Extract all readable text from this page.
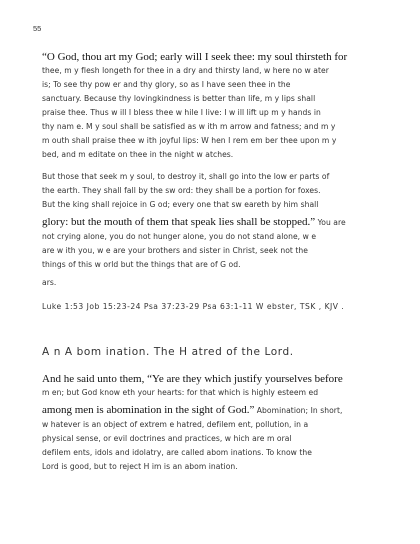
55
“O God, thou art my God; early will I seek thee: my soul thirsteth for
thee, m y flesh longeth for thee in a dry and thirsty land, w here no w ater
is; To see thy pow er and thy glory, so as I have seen thee in the
sanctuary. Because thy lovingkindness is better than life, m y lips shall
praise thee. Thus w ill I bless thee w hile I live: I w ill lift up m y hands in
thy nam e. M y soul shall be satisfied as w ith m arrow and fatness; and m y
m outh shall praise thee w ith joyful lips: W hen I rem em ber thee upon m y
bed, and m editate on thee in the night w atches.
But those that seek m y soul, to destroy it, shall go into the low er parts of
the earth. They shall fall by the sw ord: they shall be a portion for foxes.
But the king shall rejoice in G od; every one that sw eareth by him shall
glory: but the mouth of them that speak lies shall be stopped.” You are
not crying alone, you do not hunger alone, you do not stand alone, w e
are w ith you, w e are your brothers and sister in Christ, seek not the
things of this w orld but the things that are of G od.
ars.
Luke 1:53 Job 15:23-24 Psa 37:23-29 Psa 63:1-11 W ebster, TSK , KJV .
A n A bom ination. The H atred of the Lord.
And he said unto them, “Ye are they which justify yourselves before
m en; but God know eth your hearts: for that which is highly esteem ed
among men is abomination in the sight of God.” Abomination; In short,
w hatever is an object of extrem e hatred, defilem ent, pollution, in a
physical sense, or evil doctrines and practices, w hich are m oral
defilem ents, idols and idolatry, are called abom inations. To know the
Lord is good, but to reject H im is an abom ination.
